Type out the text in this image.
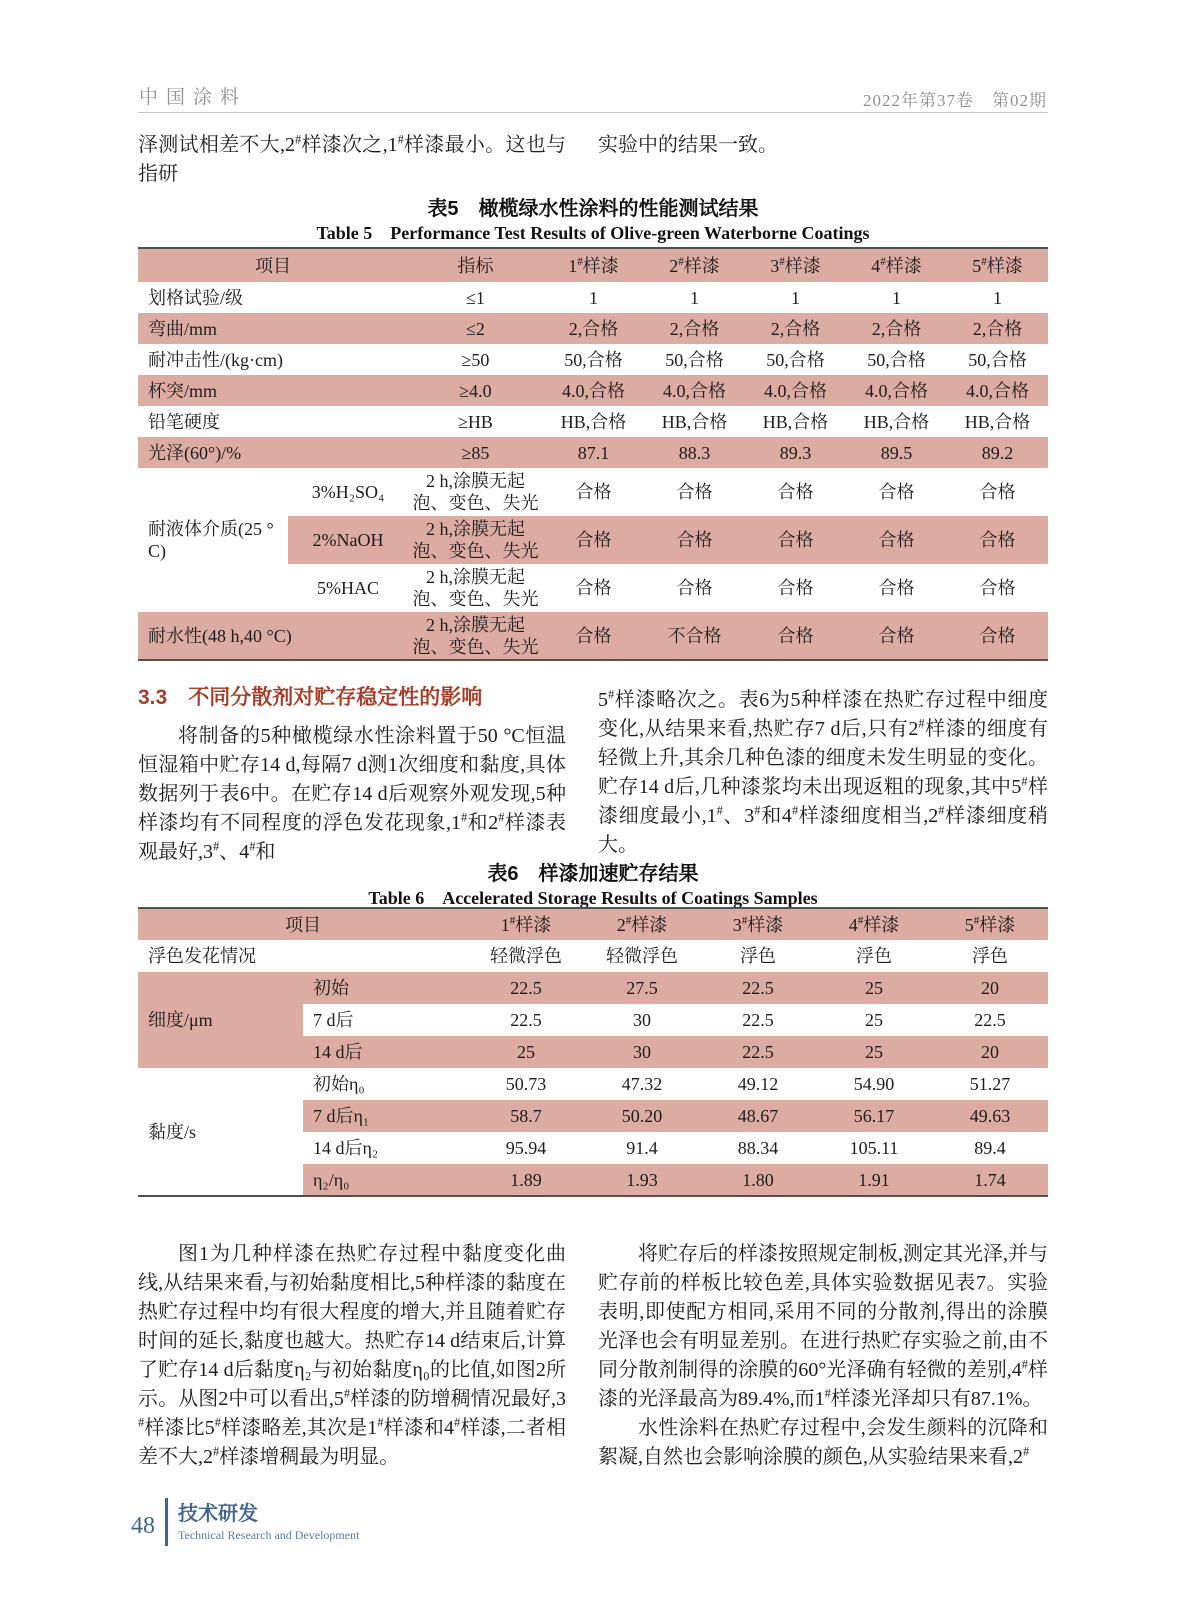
中国涂料	2022年第37卷　第02期

泽测试相差不大,2#样漆次之,1#样漆最小。这也与指研

实验中的结果一致。

表5　橄榄绿水性涂料的性能测试结果
Table 5　Performance Test Results of Olive-green Waterborne Coatings
项目		指标	1#样漆	2#样漆	3#样漆	4#样漆	5#样漆
划格试验/级		≤1	1	1	1	1	1
弯曲/mm		≤2	2,合格	2,合格	2,合格	2,合格	2,合格
耐冲击性/(kg·cm)		≥50	50,合格	50,合格	50,合格	50,合格	50,合格
杯突/mm		≥4.0	4.0,合格	4.0,合格	4.0,合格	4.0,合格	4.0,合格
铅笔硬度		≥HB	HB,合格	HB,合格	HB,合格	HB,合格	HB,合格
光泽(60°)/%		≥85	87.1	88.3	89.3	89.5	89.2
耐液体介质(25 °C)	3%H₂SO₄	2 h,涂膜无起泡、变色、失光	合格	合格	合格	合格	合格
	2%NaOH	2 h,涂膜无起泡、变色、失光	合格	合格	合格	合格	合格
	5%HAC	2 h,涂膜无起泡、变色、失光	合格	合格	合格	合格	合格
耐水性(48 h,40 °C)		2 h,涂膜无起泡、变色、失光	合格	不合格	合格	合格	合格
3.3　不同分散剂对贮存稳定性的影响

将制备的5种橄榄绿水性涂料置于50 °C恒温恒湿箱中贮存14 d,每隔7 d测1次细度和黏度,具体数据列于表6中。在贮存14 d后观察外观发现,5种样漆均有不同程度的浮色发花现象,1#和2#样漆表观最好,3#、4#和

5#样漆略次之。表6为5种样漆在热贮存过程中细度变化,从结果来看,热贮存7 d后,只有2#样漆的细度有轻微上升,其余几种色漆的细度未发生明显的变化。贮存14 d后,几种漆浆均未出现返粗的现象,其中5#样漆细度最小,1#、3#和4#样漆细度相当,2#样漆细度稍大。

表6　样漆加速贮存结果
Table 6　Accelerated Storage Results of Coatings Samples
项目		1#样漆	2#样漆	3#样漆	4#样漆	5#样漆
浮色发花情况		轻微浮色	轻微浮色	浮色	浮色	浮色
细度/μm	初始	22.5	27.5	22.5	25	20
	7 d后	22.5	30	22.5	25	22.5
	14 d后	25	30	22.5	25	20
黏度/s	初始η₀	50.73	47.32	49.12	54.90	51.27
	7 d后η₁	58.7	50.20	48.67	56.17	49.63
	14 d后η₂	95.94	91.4	88.34	105.11	89.4
	η₂/η₀	1.89	1.93	1.80	1.91	1.74

图1为几种样漆在热贮存过程中黏度变化曲线,从结果来看,与初始黏度相比,5种样漆的黏度在热贮存过程中均有很大程度的增大,并且随着贮存时间的延长,黏度也越大。热贮存14 d结束后,计算了贮存14 d后黏度η₂与初始黏度η₀的比值,如图2所示。从图2中可以看出,5#样漆的防增稠情况最好,3#样漆比5#样漆略差,其次是1#样漆和4#样漆,二者相差不大,2#样漆增稠最为明显。

将贮存后的样漆按照规定制板,测定其光泽,并与贮存前的样板比较色差,具体实验数据见表7。实验表明,即使配方相同,采用不同的分散剂,得出的涂膜光泽也会有明显差别。在进行热贮存实验之前,由不同分散剂制得的涂膜的60°光泽确有轻微的差别,4#样漆的光泽最高为89.4%,而1#样漆光泽却只有87.1%。

水性涂料在热贮存过程中,会发生颜料的沉降和絮凝,自然也会影响涂膜的颜色,从实验结果来看,2#

48 技术研发
Technical Research and Development
